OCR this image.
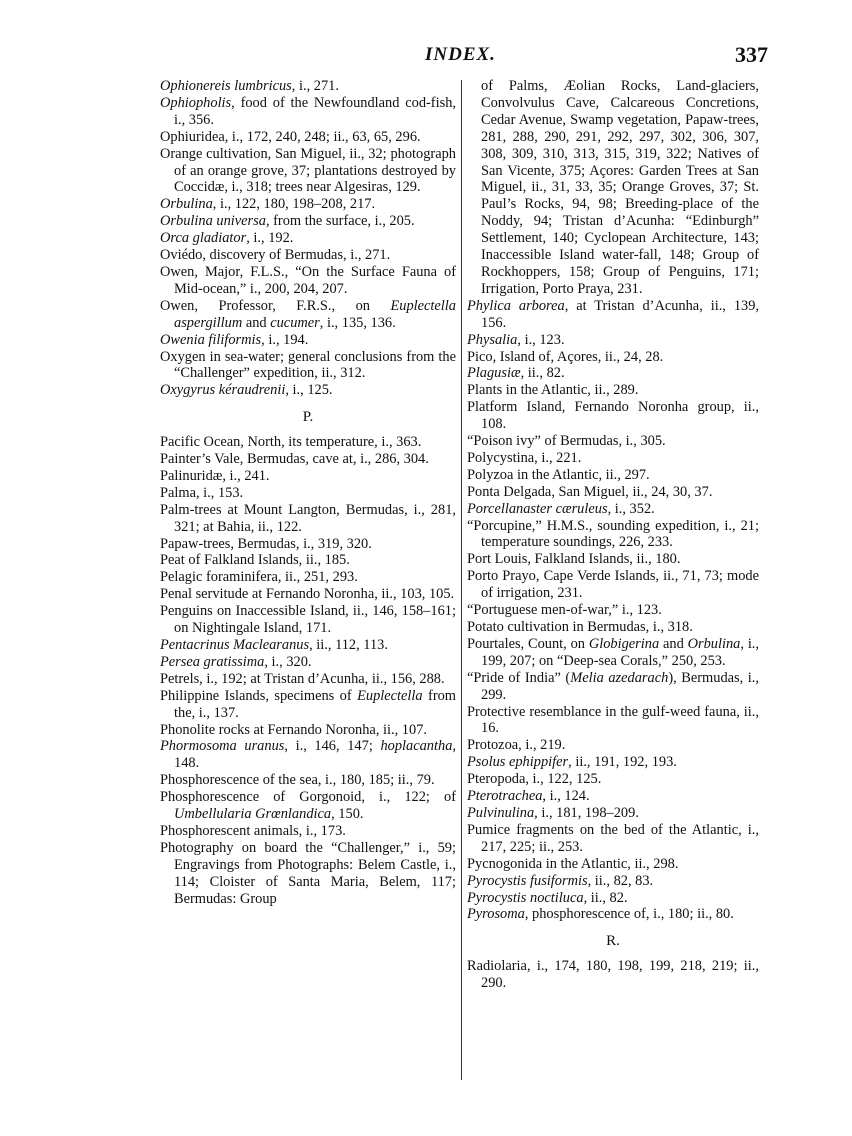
INDEX.	337
Ophionereis lumbricus, i., 271.
Ophiopholis, food of the Newfoundland cod-fish, i., 356.
Ophiuridea, i., 172, 240, 248; ii., 63, 65, 296.
Orange cultivation, San Miguel, ii., 32; photograph of an orange grove, 37; plantations destroyed by Coccidæ, i., 318; trees near Algesiras, 129.
Orbulina, i., 122, 180, 198–208, 217.
Orbulina universa, from the surface, i., 205.
Orca gladiator, i., 192.
Oviédo, discovery of Bermudas, i., 271.
Owen, Major, F.L.S., “On the Surface Fauna of Mid-ocean,” i., 200, 204, 207.
Owen, Professor, F.R.S., on Euplectella aspergillum and cucumer, i., 135, 136.
Owenia filiformis, i., 194.
Oxygen in sea-water; general conclusions from the “Challenger” expedition, ii., 312.
Oxygyrus kéraudrenii, i., 125.
P.
Pacific Ocean, North, its temperature, i., 363.
Painter’s Vale, Bermudas, cave at, i., 286, 304.
Palinuridæ, i., 241.
Palma, i., 153.
Palm-trees at Mount Langton, Bermudas, i., 281, 321; at Bahia, ii., 122.
Papaw-trees, Bermudas, i., 319, 320.
Peat of Falkland Islands, ii., 185.
Pelagic foraminifera, ii., 251, 293.
Penal servitude at Fernando Noronha, ii., 103, 105.
Penguins on Inaccessible Island, ii., 146, 158–161; on Nightingale Island, 171.
Pentacrinus Maclearanus, ii., 112, 113.
Persea gratissima, i., 320.
Petrels, i., 192; at Tristan d’Acunha, ii., 156, 288.
Philippine Islands, specimens of Euplectella from the, i., 137.
Phonolite rocks at Fernando Noronha, ii., 107.
Phormosoma uranus, i., 146, 147; hoplacantha, 148.
Phosphorescence of the sea, i., 180, 185; ii., 79.
Phosphorescence of Gorgonoid, i., 122; of Umbellularia Grœnlandica, 150.
Phosphorescent animals, i., 173.
Photography on board the “Challenger,” i., 59; Engravings from Photographs: Belem Castle, i., 114; Cloister of Santa Maria, Belem, 117; Bermudas: Group
of Palms, Æolian Rocks, Land-glaciers, Convolvulus Cave, Calcareous Concretions, Cedar Avenue, Swamp vegetation, Papaw-trees, 281, 288, 290, 291, 292, 297, 302, 306, 307, 308, 309, 310, 313, 315, 319, 322; Natives of San Vicente, 375; Açores: Garden Trees at San Miguel, ii., 31, 33, 35; Orange Groves, 37; St. Paul’s Rocks, 94, 98; Breeding-place of the Noddy, 94; Tristan d’Acunha: “Edinburgh” Settlement, 140; Cyclopean Architecture, 143; Inaccessible Island water-fall, 148; Group of Rockhoppers, 158; Group of Penguins, 171; Irrigation, Porto Praya, 231.
Phylica arborea, at Tristan d’Acunha, ii., 139, 156.
Physalia, i., 123.
Pico, Island of, Açores, ii., 24, 28.
Plagusiæ, ii., 82.
Plants in the Atlantic, ii., 289.
Platform Island, Fernando Noronha group, ii., 108.
“Poison ivy” of Bermudas, i., 305.
Polycystina, i., 221.
Polyzoa in the Atlantic, ii., 297.
Ponta Delgada, San Miguel, ii., 24, 30, 37.
Porcellanaster cæruleus, i., 352.
“Porcupine,” H.M.S., sounding expedition, i., 21; temperature soundings, 226, 233.
Port Louis, Falkland Islands, ii., 180.
Porto Prayo, Cape Verde Islands, ii., 71, 73; mode of irrigation, 231.
“Portuguese men-of-war,” i., 123.
Potato cultivation in Bermudas, i., 318.
Pourtales, Count, on Globigerina and Orbulina, i., 199, 207; on “Deep-sea Corals,” 250, 253.
“Pride of India” (Melia azedarach), Bermudas, i., 299.
Protective resemblance in the gulf-weed fauna, ii., 16.
Protozoa, i., 219.
Psolus ephippifer, ii., 191, 192, 193.
Pteropoda, i., 122, 125.
Pterotrachea, i., 124.
Pulvinulina, i., 181, 198–209.
Pumice fragments on the bed of the Atlantic, i., 217, 225; ii., 253.
Pycnogonida in the Atlantic, ii., 298.
Pyrocystis fusiformis, ii., 82, 83.
Pyrocystis noctiluca, ii., 82.
Pyrosoma, phosphorescence of, i., 180; ii., 80.
R.
Radiolaria, i., 174, 180, 198, 199, 218, 219; ii., 290.
